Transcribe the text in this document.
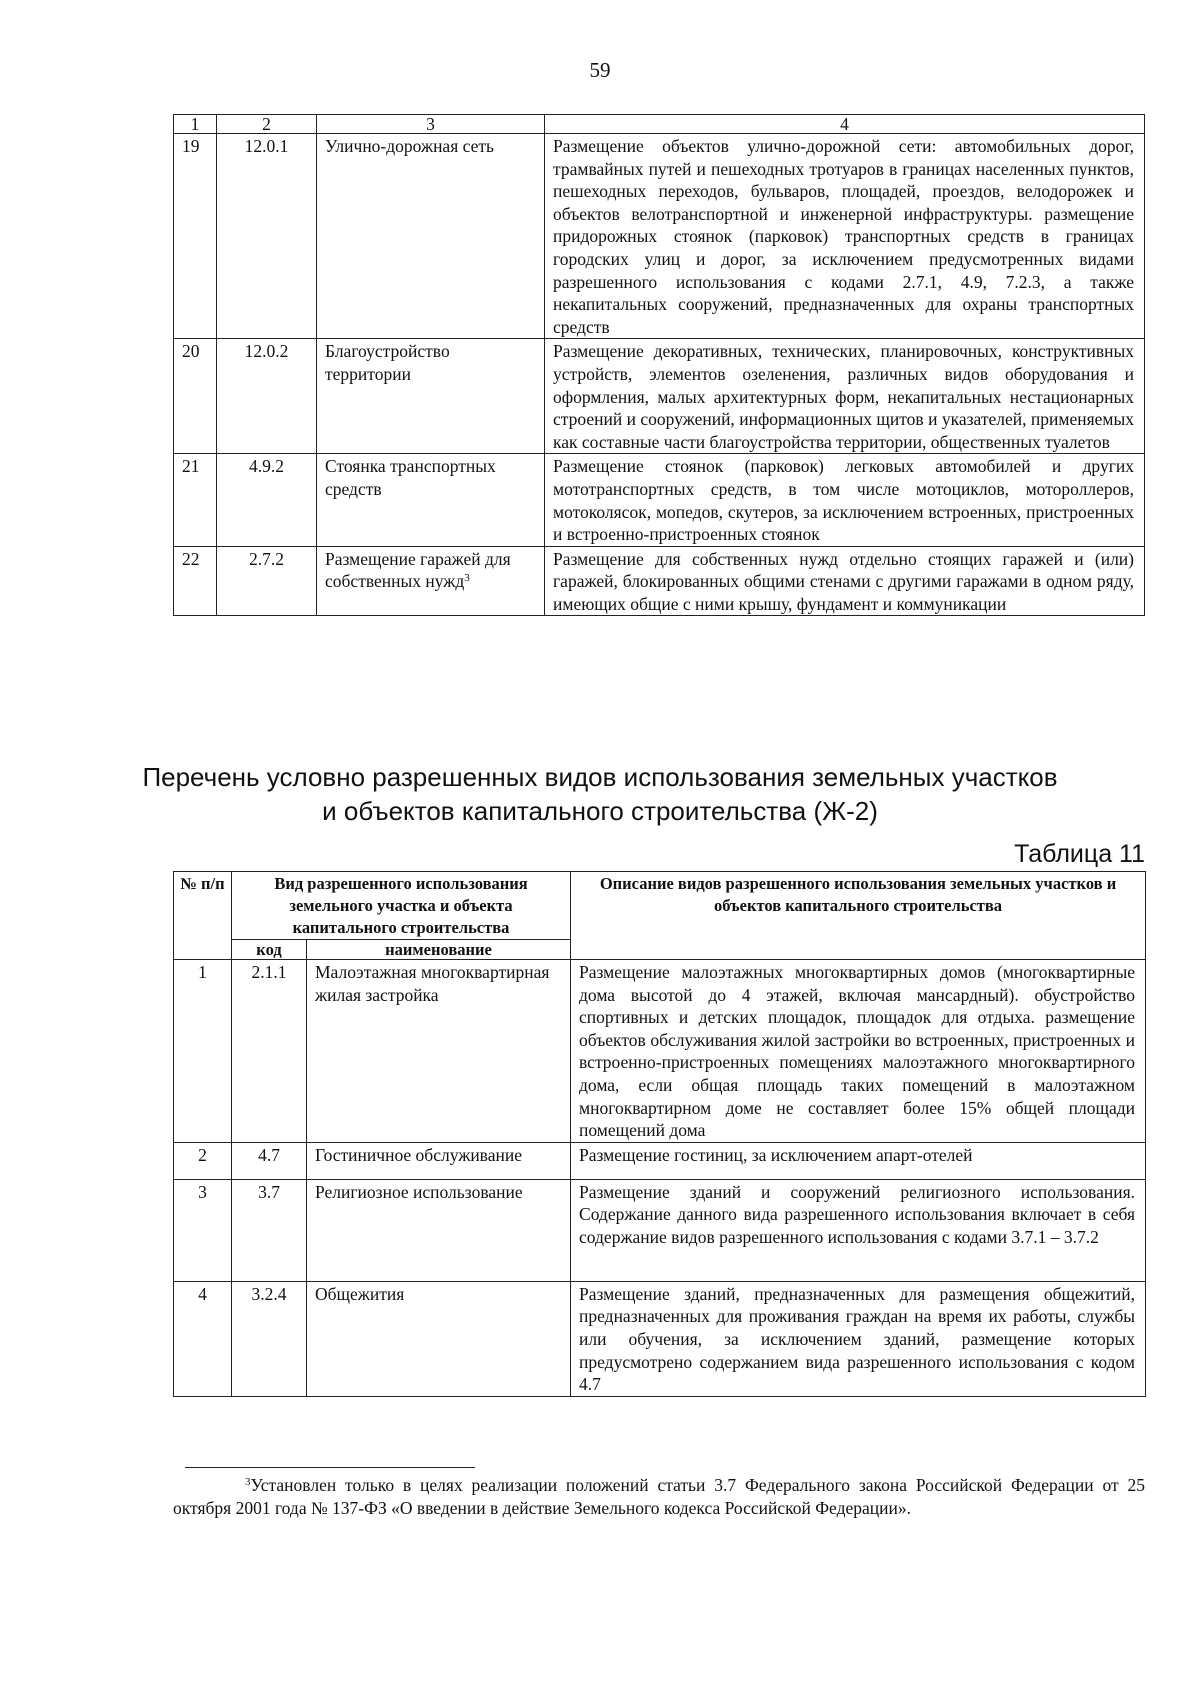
59
1	2	3	4
19	12.0.1	Улично-дорожная сеть	Размещение объектов улично-дорожной сети: автомобильных дорог, трамвайных путей и пешеходных тротуаров в границах населенных пунктов, пешеходных переходов, бульваров, площадей, проездов, велодорожек и объектов велотранспортной и инженерной инфраструктуры. размещение придорожных стоянок (парковок) транспортных средств в границах городских улиц и дорог, за исключением предусмотренных видами разрешенного использования с кодами 2.7.1, 4.9, 7.2.3, а также некапитальных сооружений, предназначенных для охраны транспортных средств
20	12.0.2	Благоустройство территории	Размещение декоративных, технических, планировочных, конструктивных устройств, элементов озеленения, различных видов оборудования и оформления, малых архитектурных форм, некапитальных нестационарных строений и сооружений, информационных щитов и указателей, применяемых как составные части благоустройства территории, общественных туалетов
21	4.9.2	Стоянка транспортных средств	Размещение стоянок (парковок) легковых автомобилей и других мототранспортных средств, в том числе мотоциклов, мотороллеров, мотоколясок, мопедов, скутеров, за исключением встроенных, пристроенных и встроенно-пристроенных стоянок
22	2.7.2	Размещение гаражей для собственных нужд$^3$	Размещение для собственных нужд отдельно стоящих гаражей и (или) гаражей, блокированных общими стенами с другими гаражами в одном ряду, имеющих общие с ними крышу, фундамент и коммуникации
Перечень условно разрешенных видов использования земельных участков
и объектов капитального строительства (Ж-2)
Таблица 11
№ п/п	Вид разрешенного использования земельного участка и объекта капитального строительства		Описание видов разрешенного использования земельных участков и объектов капитального строительства
	код	наименование	
1	2.1.1	Малоэтажная многоквартирная жилая застройка	Размещение малоэтажных многоквартирных домов (многоквартирные дома высотой до 4 этажей, включая мансардный). обустройство спортивных и детских площадок, площадок для отдыха. размещение объектов обслуживания жилой застройки во встроенных, пристроенных и встроенно-пристроенных помещениях малоэтажного многоквартирного дома, если общая площадь таких помещений в малоэтажном многоквартирном доме не составляет более 15% общей площади помещений дома
2	4.7	Гостиничное обслуживание	Размещение гостиниц, за исключением апарт-отелей
3	3.7	Религиозное использование	Размещение зданий и сооружений религиозного использования. Содержание данного вида разрешенного использования включает в себя содержание видов разрешенного использования с кодами 3.7.1 – 3.7.2
4	3.2.4	Общежития	Размещение зданий, предназначенных для размещения общежитий, предназначенных для проживания граждан на время их работы, службы или обучения, за исключением зданий, размещение которых предусмотрено содержанием вида разрешенного использования с кодом 4.7
$^3$Установлен только в целях реализации положений статьи 3.7 Федерального закона Российской Федерации от 25 октября 2001 года № 137-ФЗ «О введении в действие Земельного кодекса Российской Федерации».
